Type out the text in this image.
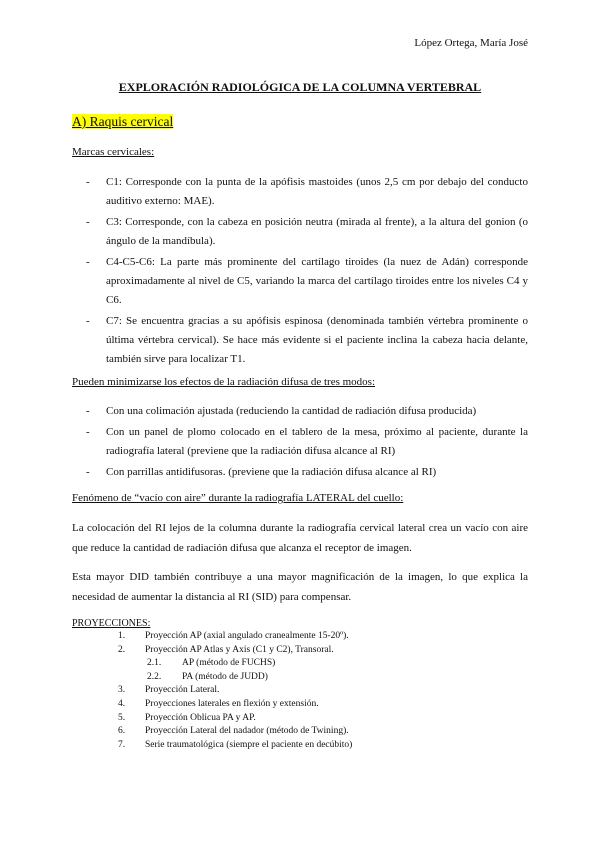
López Ortega, María José
EXPLORACIÓN RADIOLÓGICA DE LA COLUMNA VERTEBRAL
A) Raquis cervical
Marcas cervicales:
- C1: Corresponde con la punta de la apófisis mastoides (unos 2,5 cm por debajo del conducto auditivo externo: MAE).
- C3: Corresponde, con la cabeza en posición neutra (mirada al frente), a la altura del gonion (o ángulo de la mandíbula).
- C4-C5-C6: La parte más prominente del cartílago tiroides (la nuez de Adán) corresponde aproximadamente al nivel de C5, variando la marca del cartílago tiroides entre los niveles C4 y C6.
- C7: Se encuentra gracias a su apófisis espinosa (denominada también vértebra prominente o última vértebra cervical). Se hace más evidente si el paciente inclina la cabeza hacia delante, también sirve para localizar T1.
Pueden minimizarse los efectos de la radiación difusa de tres modos:
- Con una colimación ajustada (reduciendo la cantidad de radiación difusa producida)
- Con un panel de plomo colocado en el tablero de la mesa, próximo al paciente, durante la radiografía lateral (previene que la radiación difusa alcance al RI)
- Con parrillas antidifusoras. (previene que la radiación difusa alcance al RI)
Fenómeno de “vacío con aire” durante la radiografía LATERAL del cuello:

La colocación del RI lejos de la columna durante la radiografía cervical lateral crea un vacío con aire que reduce la cantidad de radiación difusa que alcanza el receptor de imagen.

Esta mayor DID también contribuye a una mayor magnificación de la imagen, lo que explica la necesidad de aumentar la distancia al RI (SID) para compensar.

PROYECCIONES:
1.	Proyección AP (axial angulado cranealmente 15-20º).
2.	Proyección AP Atlas y Axis (C1 y C2), Transoral.
2.1. AP (método de FUCHS)
2.2. PA (método de JUDD)
3.	Proyección Lateral.
4.	Proyecciones laterales en flexión y extensión.
5.	Proyección Oblicua PA y AP.
6.	Proyección Lateral del nadador (método de Twining).
7.	Serie traumatológica (siempre el paciente en decúbito)
